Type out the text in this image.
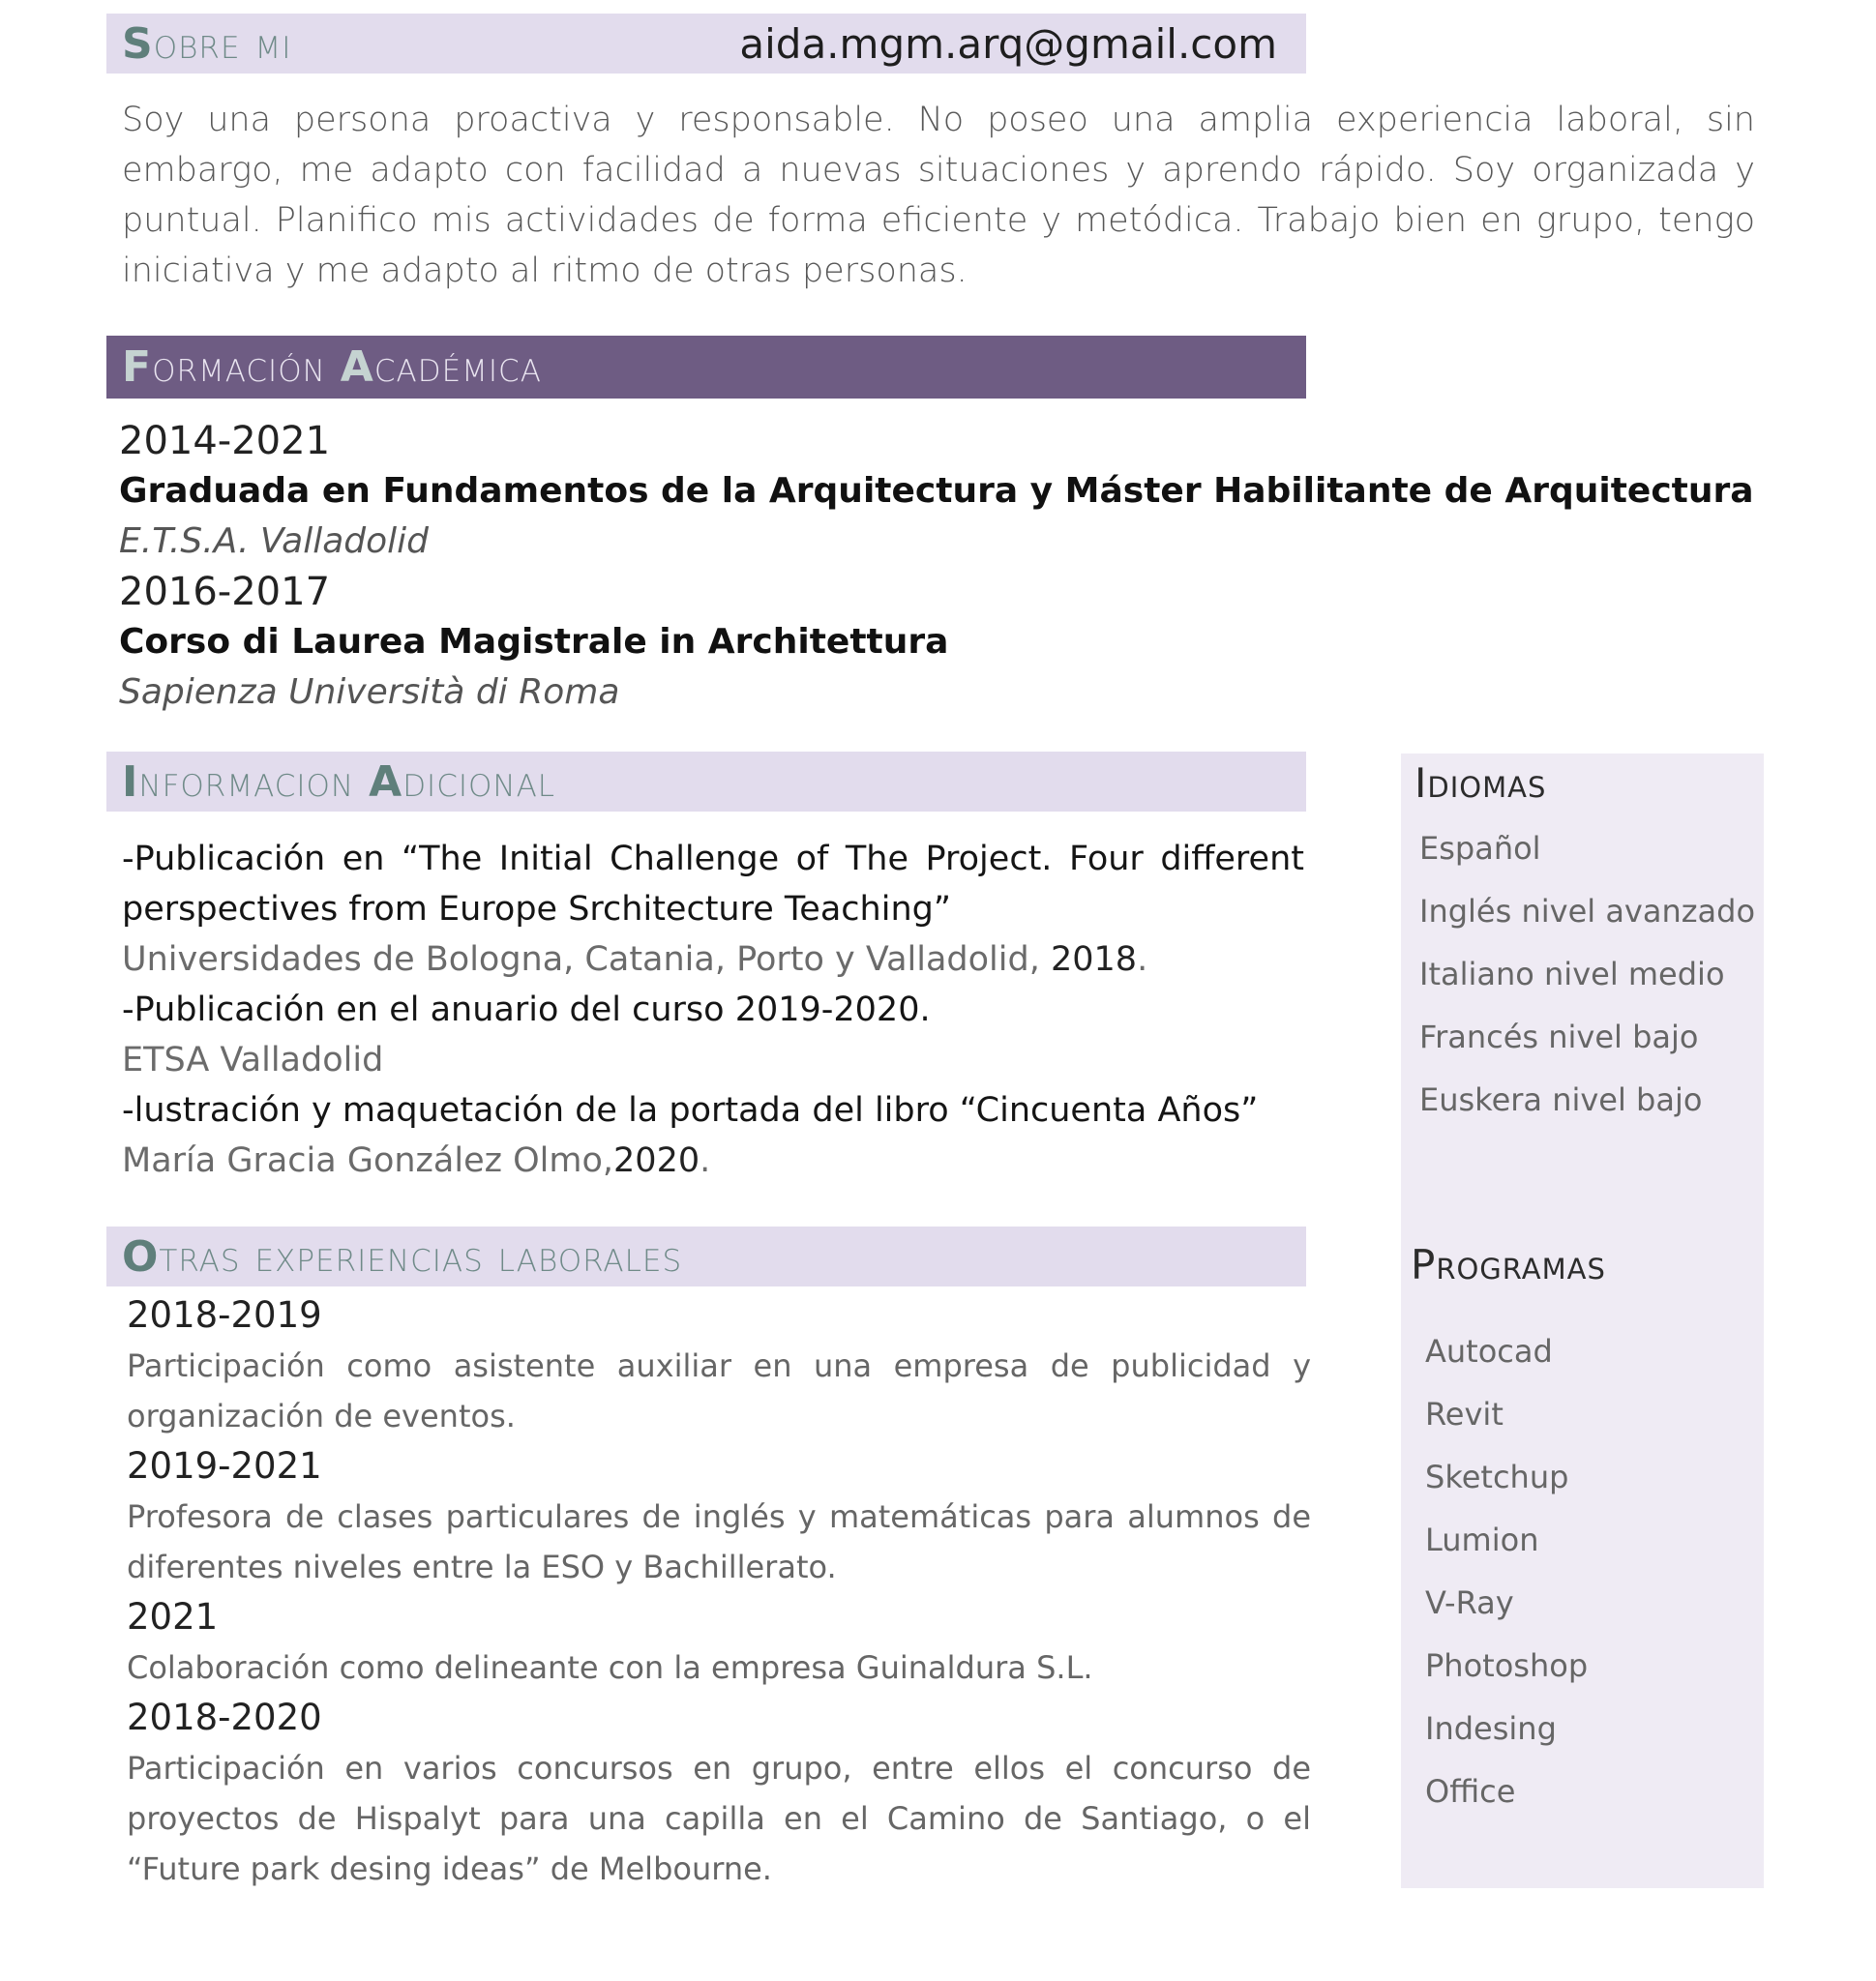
Sobre mi	aida.mgm.arq@gmail.com

Soy una persona proactiva y responsable. No poseo una amplia experiencia laboral, sin embargo, me adapto con facilidad a nuevas situaciones y aprendo rápido. Soy organizada y puntual. Planifico mis actividades de forma eficiente y metódica. Trabajo bien en grupo, tengo iniciativa y me adapto al ritmo de otras personas.

Formación Académica
2014-2021
Graduada en Fundamentos de la Arquitectura y Máster Habilitante de Arquitectura
E.T.S.A. Valladolid
2016-2017
Corso di Laurea Magistrale in Architettura
Sapienza Università di Roma
Informacion Adicional

-Publicación en “The Initial Challenge of The Project. Four different perspectives from Europe Srchitecture Teaching”

Universidades de Bologna, Catania, Porto y Valladolid, 2018.

-Publicación en el anuario del curso 2019-2020.

ETSA Valladolid

-lustración y maquetación de la portada del libro “Cincuenta Años”

María Gracia González Olmo,2020.

Otras experiencias laborales
2018-2019
Participación como asistente auxiliar en una empresa de publicidad y organización de eventos.
2019-2021
Profesora de clases particulares de inglés y matemáticas para alumnos de diferentes niveles entre la ESO y Bachillerato.
2021
Colaboración como delineante con la empresa Guinaldura S.L.
2018-2020
Participación en varios concursos en grupo, entre ellos el concurso de proyectos de Hispalyt para una capilla en el Camino de Santiago, o el “Future park desing ideas” de Melbourne.
Idiomas
Español
Inglés nivel avanzado
Italiano nivel medio
Francés nivel bajo
Euskera nivel bajo
Programas
Autocad
Revit
Sketchup
Lumion
V-Ray
Photoshop
Indesing
Office
